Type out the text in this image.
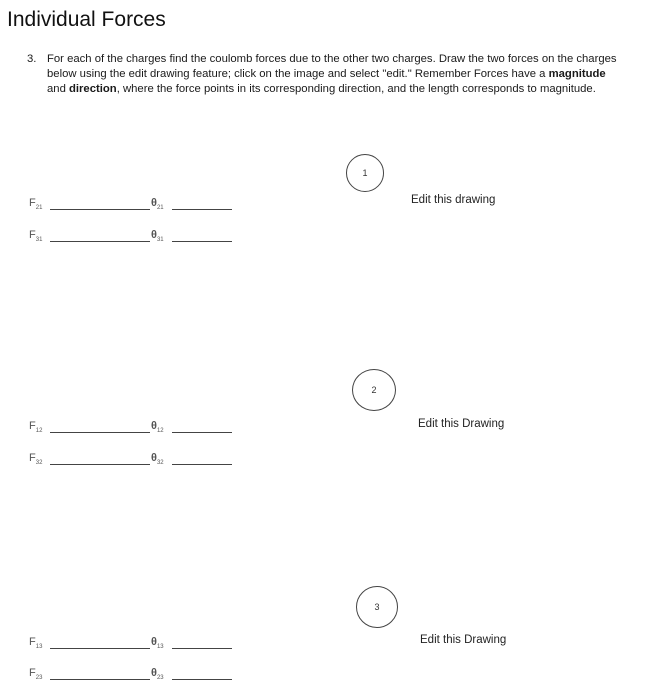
Individual Forces
3. For each of the charges find the coulomb forces due to the other two charges. Draw the two forces on the charges below using the edit drawing feature; click on the image and select "edit." Remember Forces have a magnitude and direction, where the force points in its corresponding direction, and the length corresponds to magnitude.
1
Edit this drawing
$F_{21}$	$\theta_{21}$
$F_{31}$	$\theta_{31}$
2
Edit this Drawing
$F_{12}$	$\theta_{12}$
$F_{32}$	$\theta_{32}$
3
Edit this Drawing
$F_{13}$	$\theta_{13}$
$F_{23}$	$\theta_{23}$
